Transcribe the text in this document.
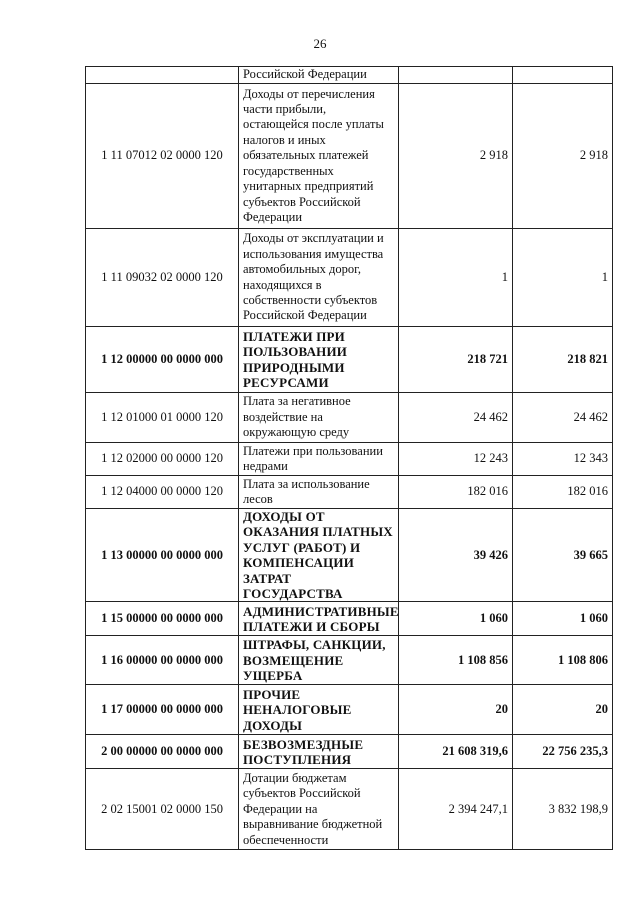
26
	Российской Федерации		
1 11 07012 02 0000 120	Доходы от перечисления части прибыли, остающейся после уплаты налогов и иных обязательных платежей государственных унитарных предприятий субъектов Российской Федерации	2 918	2 918
1 11 09032 02 0000 120	Доходы от эксплуатации и использования имущества автомобильных дорог, находящихся в собственности субъектов Российской Федерации	1	1
1 12 00000 00 0000 000	ПЛАТЕЖИ ПРИ ПОЛЬЗОВАНИИ ПРИРОДНЫМИ РЕСУРСАМИ	218 721	218 821
1 12 01000 01 0000 120	Плата за негативное воздействие на окружающую среду	24 462	24 462
1 12 02000 00 0000 120	Платежи при пользовании недрами	12 243	12 343
1 12 04000 00 0000 120	Плата за использование лесов	182 016	182 016
1 13 00000 00 0000 000	ДОХОДЫ ОТ ОКАЗАНИЯ ПЛАТНЫХ УСЛУГ (РАБОТ) И КОМПЕНСАЦИИ ЗАТРАТ ГОСУДАРСТВА	39 426	39 665
1 15 00000 00 0000 000	АДМИНИСТРАТИВНЫЕ ПЛАТЕЖИ И СБОРЫ	1 060	1 060
1 16 00000 00 0000 000	ШТРАФЫ, САНКЦИИ, ВОЗМЕЩЕНИЕ УЩЕРБА	1 108 856	1 108 806
1 17 00000 00 0000 000	ПРОЧИЕ НЕНАЛОГОВЫЕ ДОХОДЫ	20	20
2 00 00000 00 0000 000	БЕЗВОЗМЕЗДНЫЕ ПОСТУПЛЕНИЯ	21 608 319,6	22 756 235,3
2 02 15001 02 0000 150	Дотации бюджетам субъектов Российской Федерации на выравнивание бюджетной обеспеченности	2 394 247,1	3 832 198,9
